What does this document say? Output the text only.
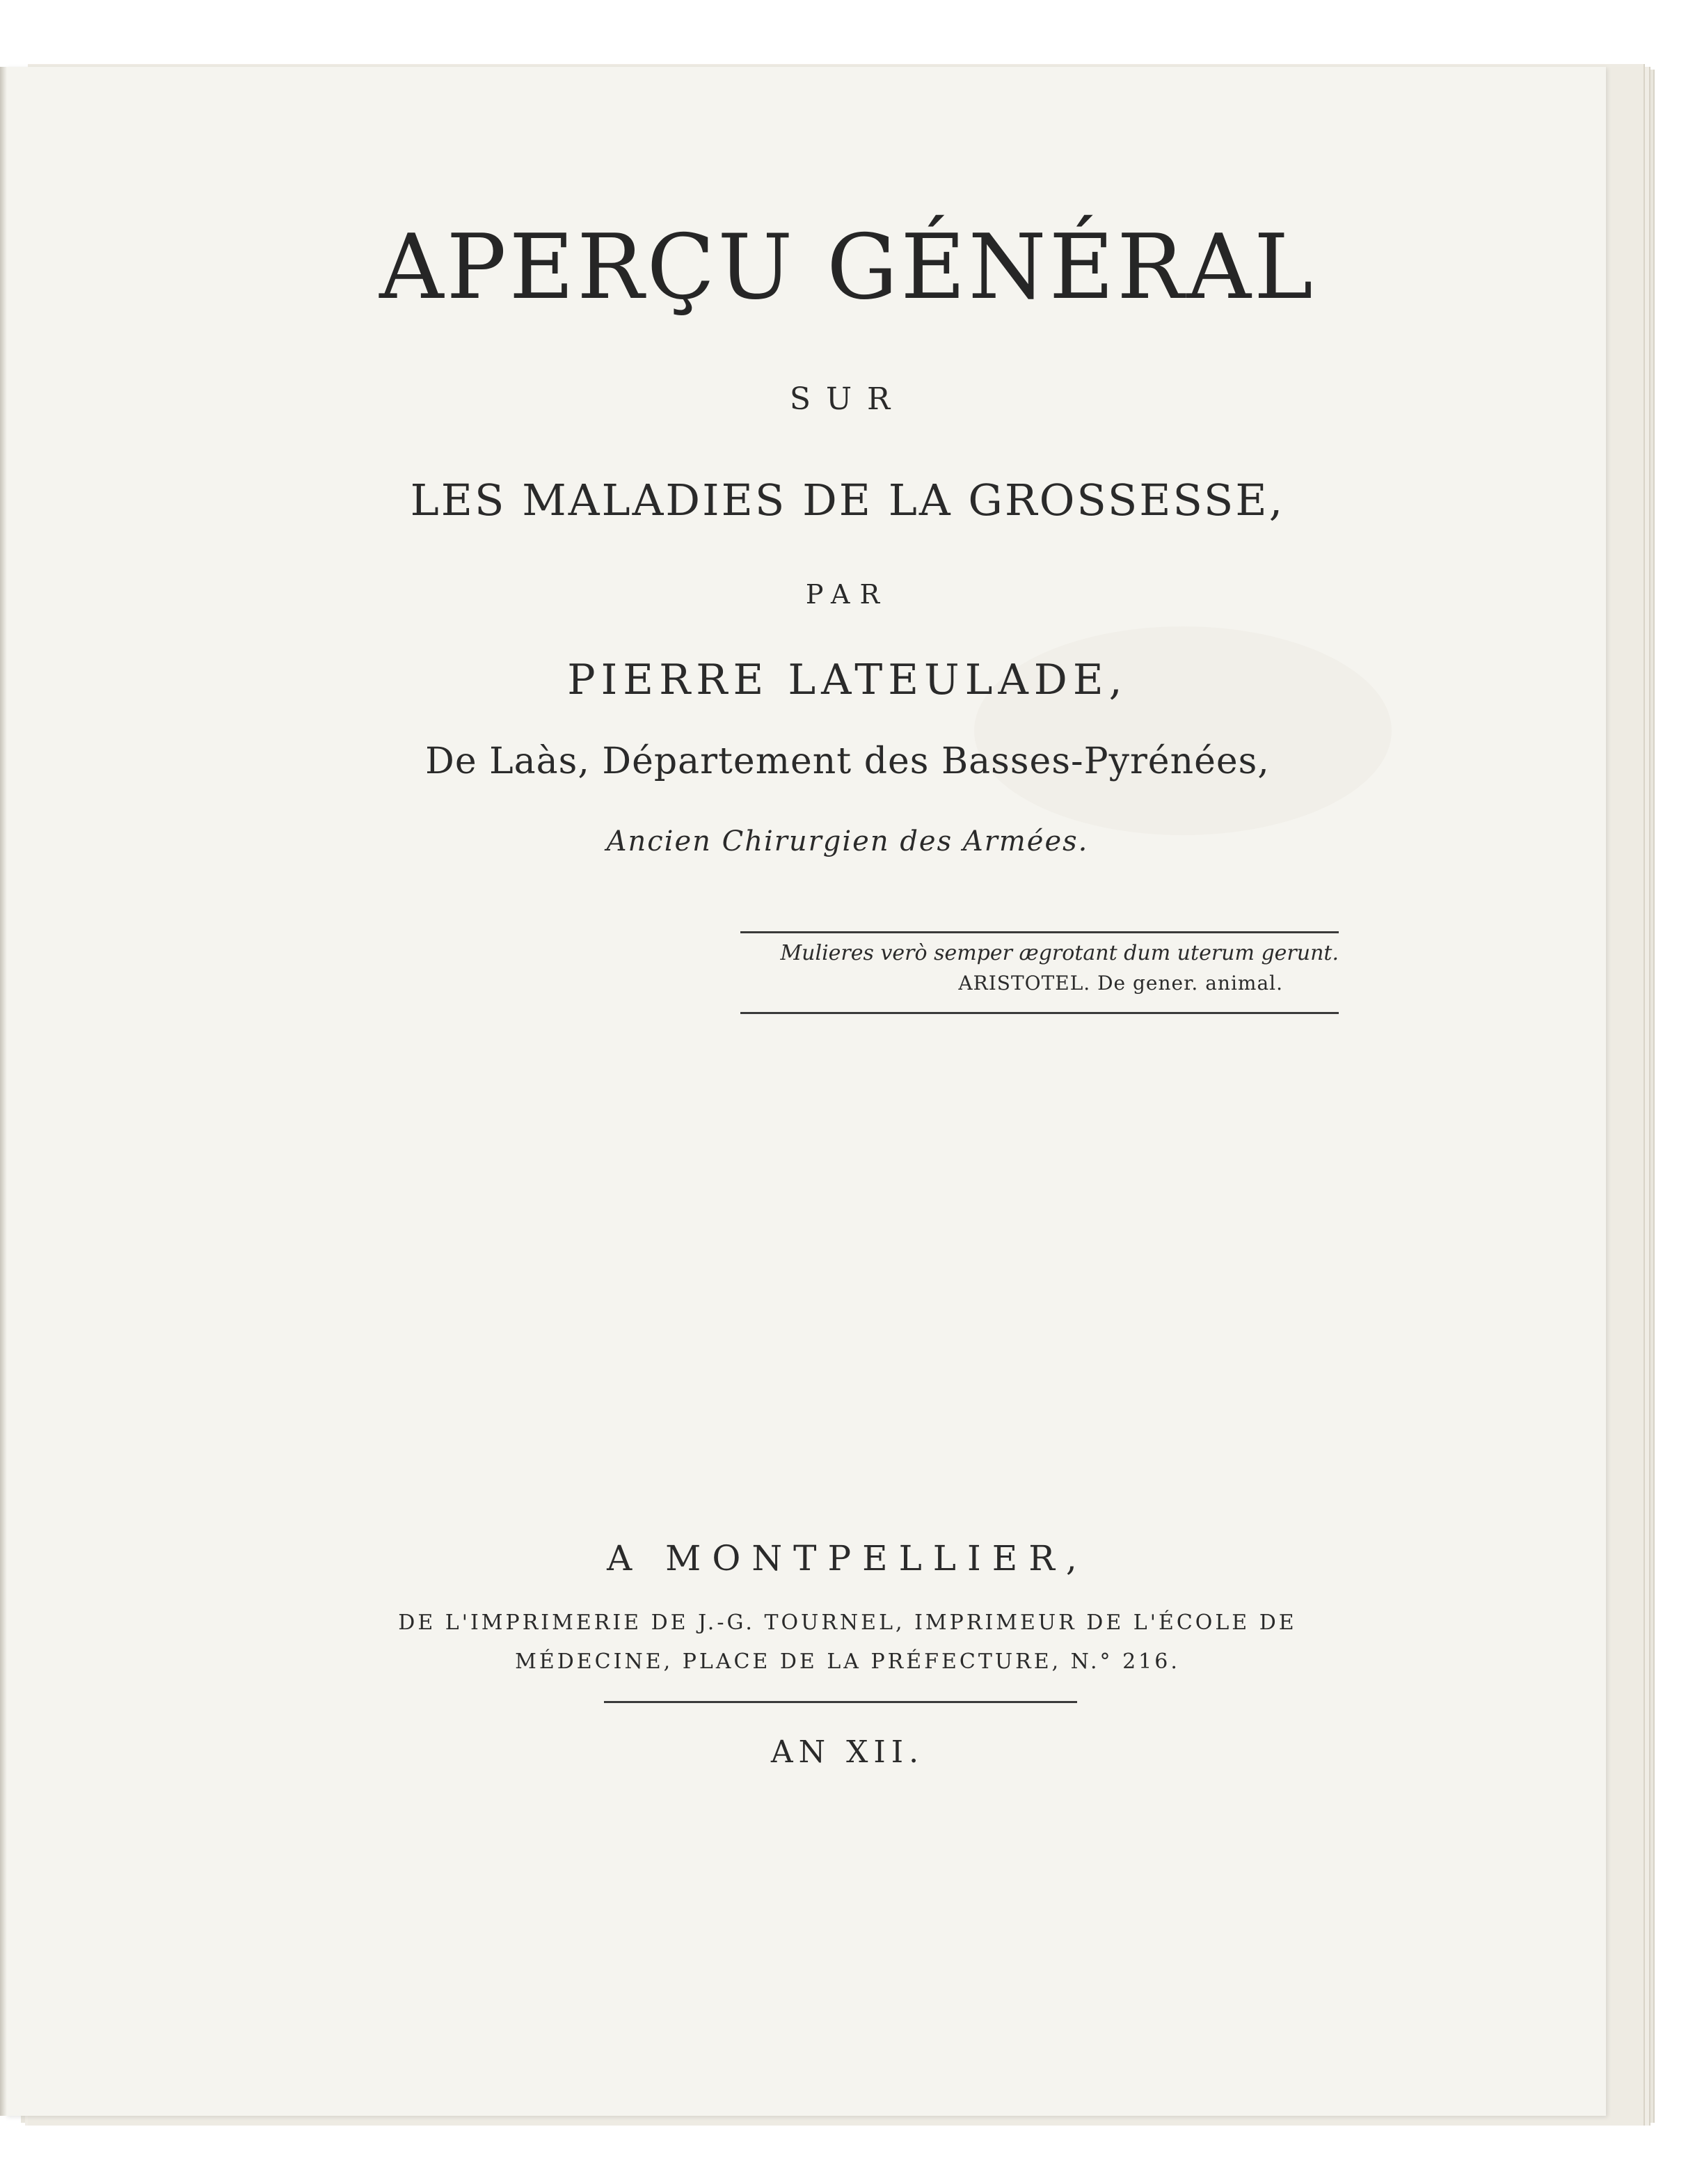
APERÇU GÉNÉRAL
SUR
LES MALADIES DE LA GROSSESSE,
PAR
PIERRE LATEULADE,
De Laàs, Département des Basses-Pyrénées,
Ancien Chirurgien des Armées.
Mulieres verò semper ægrotant dum uterum gerunt.
ARISTOTEL. De gener. animal.
A MONTPELLIER,
DE L'IMPRIMERIE DE J.-G. TOURNEL, IMPRIMEUR DE L'ÉCOLE DE
MÉDECINE, PLACE DE LA PRÉFECTURE, N.° 216.
AN XII.
